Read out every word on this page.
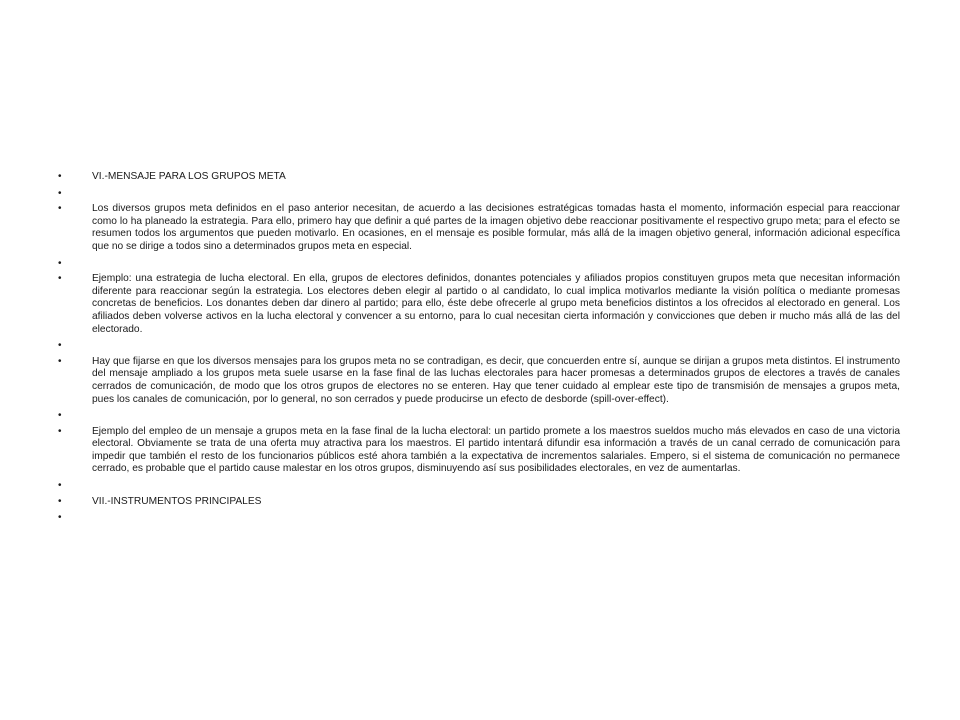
• VI.-MENSAJE PARA LOS GRUPOS META
•
• Los diversos grupos meta definidos en el paso anterior necesitan, de acuerdo a las decisiones estratégicas tomadas hasta el momento, información especial para reaccionar como lo ha planeado la estrategia. Para ello, primero hay que definir a qué partes de la imagen objetivo debe reaccionar positivamente el respectivo grupo meta; para el efecto se resumen todos los argumentos que pueden motivarlo. En ocasiones, en el mensaje es posible formular, más allá de la imagen objetivo general, información adicional específica que no se dirige a todos sino a determinados grupos meta en especial.
•
• Ejemplo: una estrategia de lucha electoral. En ella, grupos de electores definidos, donantes potenciales y afiliados propios constituyen grupos meta que necesitan información diferente para reaccionar según la estrategia. Los electores deben elegir al partido o al candidato, lo cual implica motivarlos mediante la visión política o mediante promesas concretas de beneficios. Los donantes deben dar dinero al partido; para ello, éste debe ofrecerle al grupo meta beneficios distintos a los ofrecidos al electorado en general. Los afiliados deben volverse activos en la lucha electoral y convencer a su entorno, para lo cual necesitan cierta información y convicciones que deben ir mucho más allá de las del electorado.
•
• Hay que fijarse en que los diversos mensajes para los grupos meta no se contradigan, es decir, que concuerden entre sí, aunque se dirijan a grupos meta distintos. El instrumento del mensaje ampliado a los grupos meta suele usarse en la fase final de las luchas electorales para hacer promesas a determinados grupos de electores a través de canales cerrados de comunicación, de modo que los otros grupos de electores no se enteren. Hay que tener cuidado al emplear este tipo de transmisión de mensajes a grupos meta, pues los canales de comunicación, por lo general, no son cerrados y puede producirse un efecto de desborde (spill-over-effect).
•
• Ejemplo del empleo de un mensaje a grupos meta en la fase final de la lucha electoral: un partido promete a los maestros sueldos mucho más elevados en caso de una victoria electoral. Obviamente se trata de una oferta muy atractiva para los maestros. El partido intentará difundir esa información a través de un canal cerrado de comunicación para impedir que también el resto de los funcionarios públicos esté ahora también a la expectativa de incrementos salariales. Empero, si el sistema de comunicación no permanece cerrado, es probable que el partido cause malestar en los otros grupos, disminuyendo así sus posibilidades electorales, en vez de aumentarlas.
•
• VII.-INSTRUMENTOS PRINCIPALES
•
